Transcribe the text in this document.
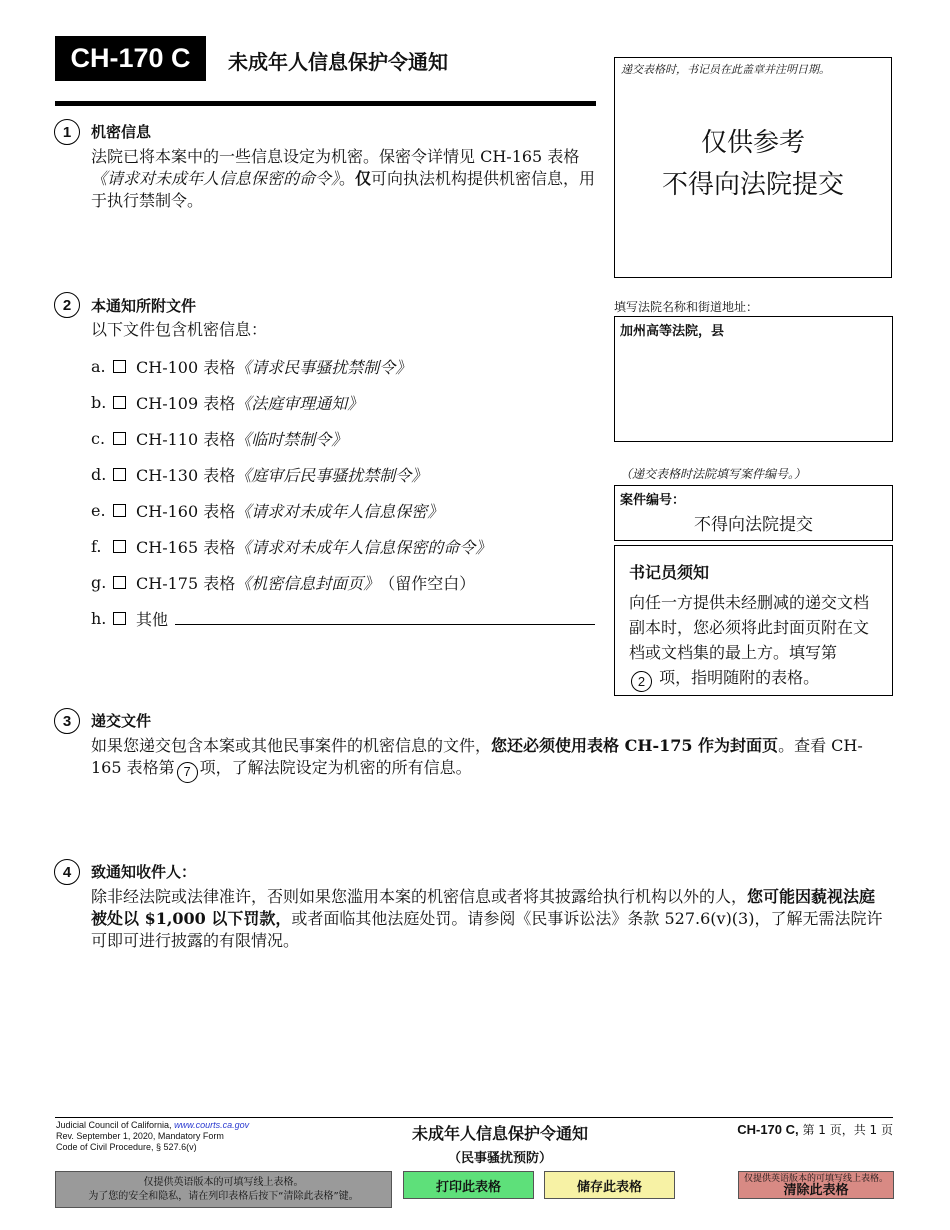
CH-170 C 未成年人信息保护令通知	递交表格时，书记员在此盖章并注明日期。
仅供参考
不得向法院提交
填写法院名称和街道地址：
加州高等法院，县
（递交表格时法院填写案件编号。）
案件编号：
不得向法院提交
书记员须知
向任一方提供未经删减的递交文档副本时，您必须将此封面页附在文档或文档集的最上方。填写第
2 项，指明随附的表格。
1	机密信息
法院已将本案中的一些信息设定为机密。保密令详情见 CH-165 表格《请求对未成年人信息保密的命令》。仅可向执法机构提供机密信息，用于执行禁制令。
2	本通知所附文件
以下文件包含机密信息：
a.	CH-100 表格 《请求民事骚扰禁制令》
b.	CH-109 表格 《法庭审理通知》
c.	CH-110 表格 《临时禁制令》
d.	CH-130 表格 《庭审后民事骚扰禁制令》
e.	CH-160 表格 《请求对未成年人信息保密》
f.	CH-165 表格 《请求对未成年人信息保密的命令》
g.	CH-175 表格 《机密信息封面页》 （留作空白）
h.	其他
3	递交文件
如果您递交包含本案或其他民事案件的机密信息的文件，您还必须使用表格 CH-175 作为封面页。查看 CH-165 表格第 7 项，了解法院设定为机密的所有信息。
4	致通知收件人：
除非经法院或法律准许，否则如果您滥用本案的机密信息或者将其披露给执行机构以外的人，您可能因藐视法庭被处以 $1,000 以下罚款，或者面临其他法庭处罚。请参阅《民事诉讼法》条款 527.6(v)(3)，了解无需法院许可即可进行披露的有限情况。
Judicial Council of California, www.courts.ca.gov
Rev. September 1, 2020, Mandatory Form
Code of Civil Procedure, § 527.6(v)
未成年人信息保护令通知
（民事骚扰预防）
CH-170 C, 第 1 页，共 1 页
仅提供英语版本的可填写线上表格。
为了您的安全和隐私，请在列印表格后按下“清除此表格”键。
打印此表格	储存此表格
仅提供英语版本的可填写线上表格。
清除此表格
